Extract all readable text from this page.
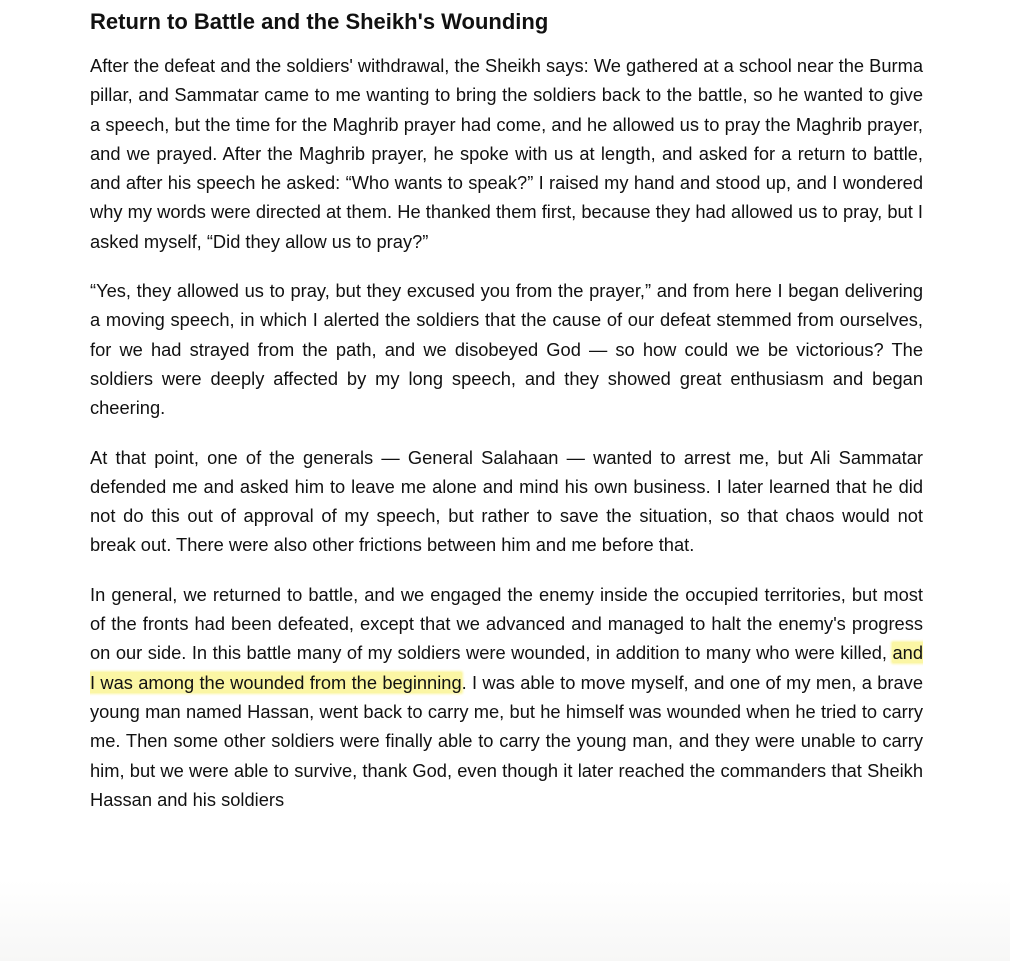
Return to Battle and the Sheikh's Wounding

After the defeat and the soldiers' withdrawal, the Sheikh says: We gathered at a school near the Burma pillar, and Sammatar came to me wanting to bring the soldiers back to the battle, so he wanted to give a speech, but the time for the Maghrib prayer had come, and he allowed us to pray the Maghrib prayer, and we prayed. After the Maghrib prayer, he spoke with us at length, and asked for a return to battle, and after his speech he asked: “Who wants to speak?” I raised my hand and stood up, and I wondered why my words were directed at them. He thanked them first, because they had allowed us to pray, but I asked myself, “Did they allow us to pray?”

“Yes, they allowed us to pray, but they excused you from the prayer,” and from here I began delivering a moving speech, in which I alerted the soldiers that the cause of our defeat stemmed from ourselves, for we had strayed from the path, and we disobeyed God — so how could we be victorious? The soldiers were deeply affected by my long speech, and they showed great enthusiasm and began cheering.

At that point, one of the generals — General Salahaan — wanted to arrest me, but Ali Sammatar defended me and asked him to leave me alone and mind his own business. I later learned that he did not do this out of approval of my speech, but rather to save the situation, so that chaos would not break out. There were also other frictions between him and me before that.

In general, we returned to battle, and we engaged the enemy inside the occupied territories, but most of the fronts had been defeated, except that we advanced and managed to halt the enemy's progress on our side. In this battle many of my soldiers were wounded, in addition to many who were killed, and I was among the wounded from the beginning. I was able to move myself, and one of my men, a brave young man named Hassan, went back to carry me, but he himself was wounded when he tried to carry me. Then some other soldiers were finally able to carry the young man, and they were unable to carry him, but we were able to survive, thank God, even though it later reached the commanders that Sheikh Hassan and his soldiers
